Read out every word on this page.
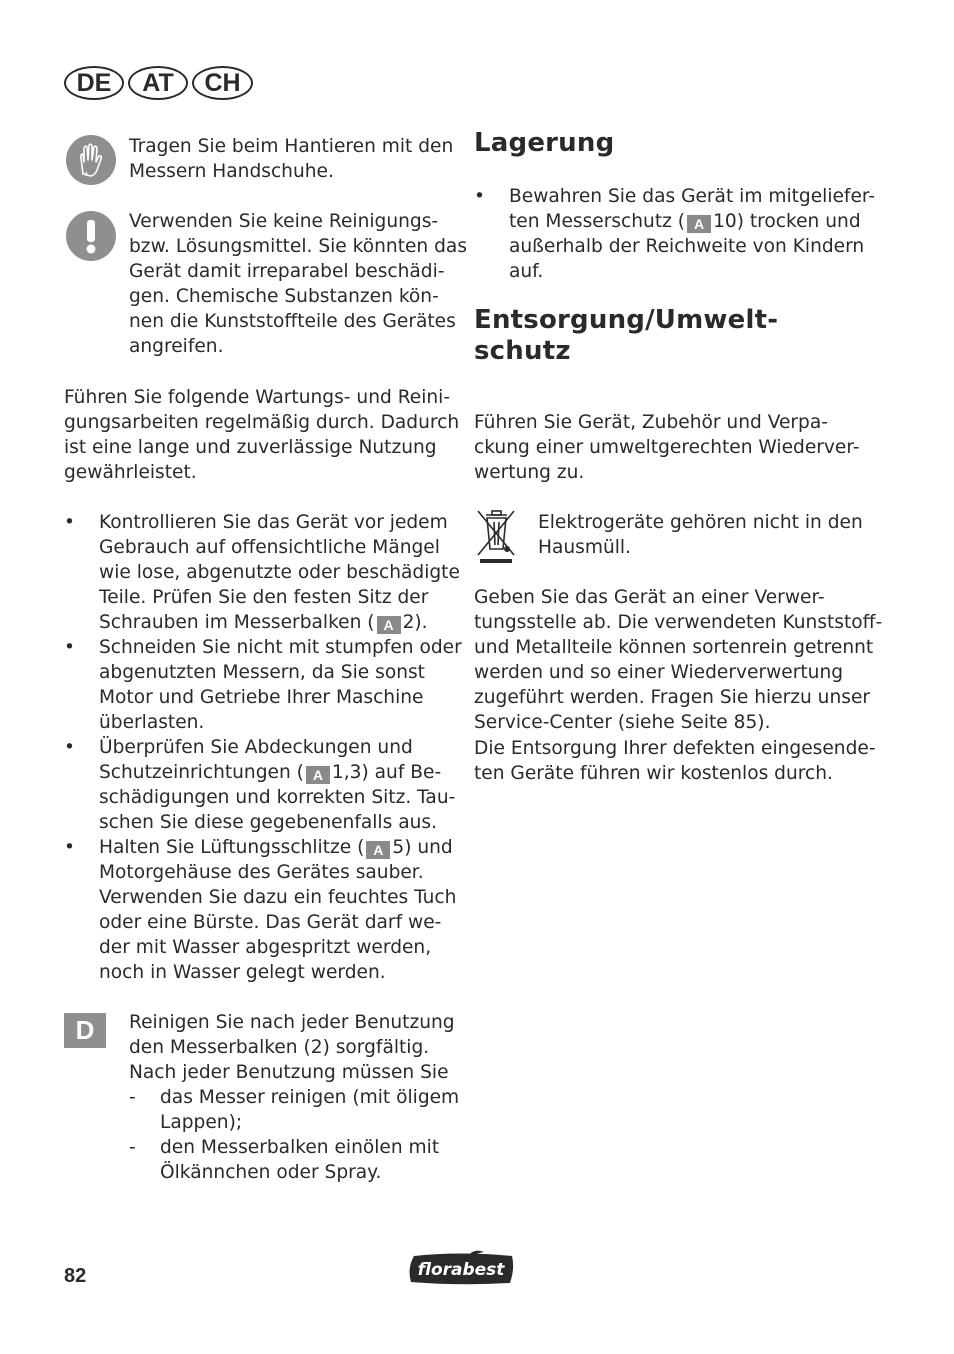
DE	AT	CH

Tragen Sie beim Hantieren mit den

Messern Handschuhe.

Verwenden Sie keine Reinigungs-

bzw. Lösungsmittel. Sie könnten das

Gerät damit irreparabel beschädi-

gen. Chemische Substanzen kön-

nen die Kunststoffteile des Gerätes

angreifen.

Führen Sie folgende Wartungs- und Reini-

gungsarbeiten regelmäßig durch. Dadurch

ist eine lange und zuverlässige Nutzung

gewährleistet.

• Kontrollieren Sie das Gerät vor jedem

Gebrauch auf offensichtliche Mängel

wie lose, abgenutzte oder beschädigte

Teile. Prüfen Sie den festen Sitz der

Schrauben im Messerbalken ( A 2).

• Schneiden Sie nicht mit stumpfen oder

abgenutzten Messern, da Sie sonst

Motor und Getriebe Ihrer Maschine

überlasten.

• Überprüfen Sie Abdeckungen und

Schutzeinrichtungen ( A 1,3) auf Be-

schädigungen und korrekten Sitz. Tau-

schen Sie diese gegebenenfalls aus.

• Halten Sie Lüftungsschlitze ( A 5) und

Motorgehäuse des Gerätes sauber.

Verwenden Sie dazu ein feuchtes Tuch

oder eine Bürste. Das Gerät darf we-

der mit Wasser abgespritzt werden,

noch in Wasser gelegt werden.

D	Reinigen Sie nach jeder Benutzung

den Messerbalken (2) sorgfältig.

Nach jeder Benutzung müssen Sie

- das Messer reinigen (mit öligem

Lappen);

- den Messerbalken einölen mit

Ölkännchen oder Spray.

Lagerung
• Bewahren Sie das Gerät im mitgeliefer-

ten Messerschutz ( A 10) trocken und

außerhalb der Reichweite von Kindern

auf.

Entsorgung/Umwelt-
schutz

Führen Sie Gerät, Zubehör und Verpa-

ckung einer umweltgerechten Wiederver-

wertung zu.

Elektrogeräte gehören nicht in den

Hausmüll.

Geben Sie das Gerät an einer Verwer-

tungsstelle ab. Die verwendeten Kunststoff-

und Metallteile können sortenrein getrennt

werden und so einer Wiederverwertung

zugeführt werden. Fragen Sie hierzu unser

Service-Center (siehe Seite 85).

Die Entsorgung Ihrer defekten eingesende-

ten Geräte führen wir kostenlos durch.

82	florabest
